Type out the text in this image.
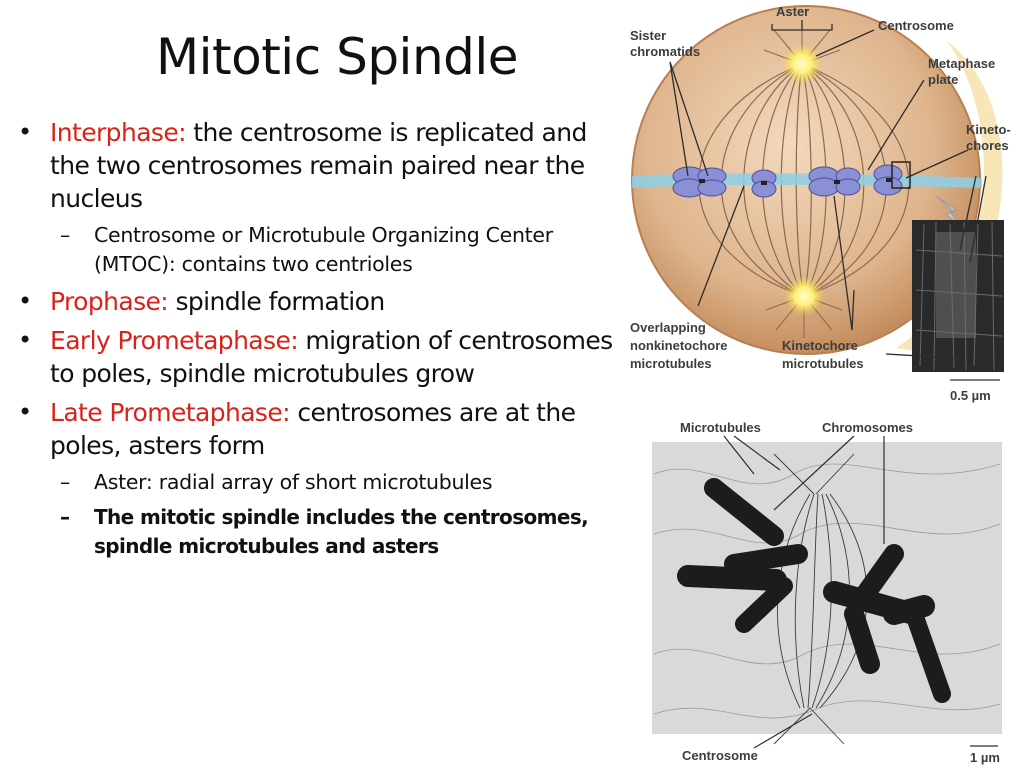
Mitotic Spindle
• Interphase: the centrosome is replicated and the two centrosomes remain paired near the nucleus
–	Centrosome or Microtubule Organizing Center (MTOC): contains two centrioles
• Prophase: spindle formation
• Early Prometaphase: migration of centrosomes to poles, spindle microtubules grow
• Late Prometaphase: centrosomes are at the poles, asters form
–	Aster: radial array of short microtubules
–	The mitotic spindle includes the centrosomes, spindle microtubules and asters
Aster
Centrosome
Sister
chromatids
Metaphase
plate
Kineto-
chores
Overlapping
nonkinetochore
microtubules
Kinetochore
microtubules
0.5 µm
Microtubules	Chromosomes
Centrosome	1 µm
